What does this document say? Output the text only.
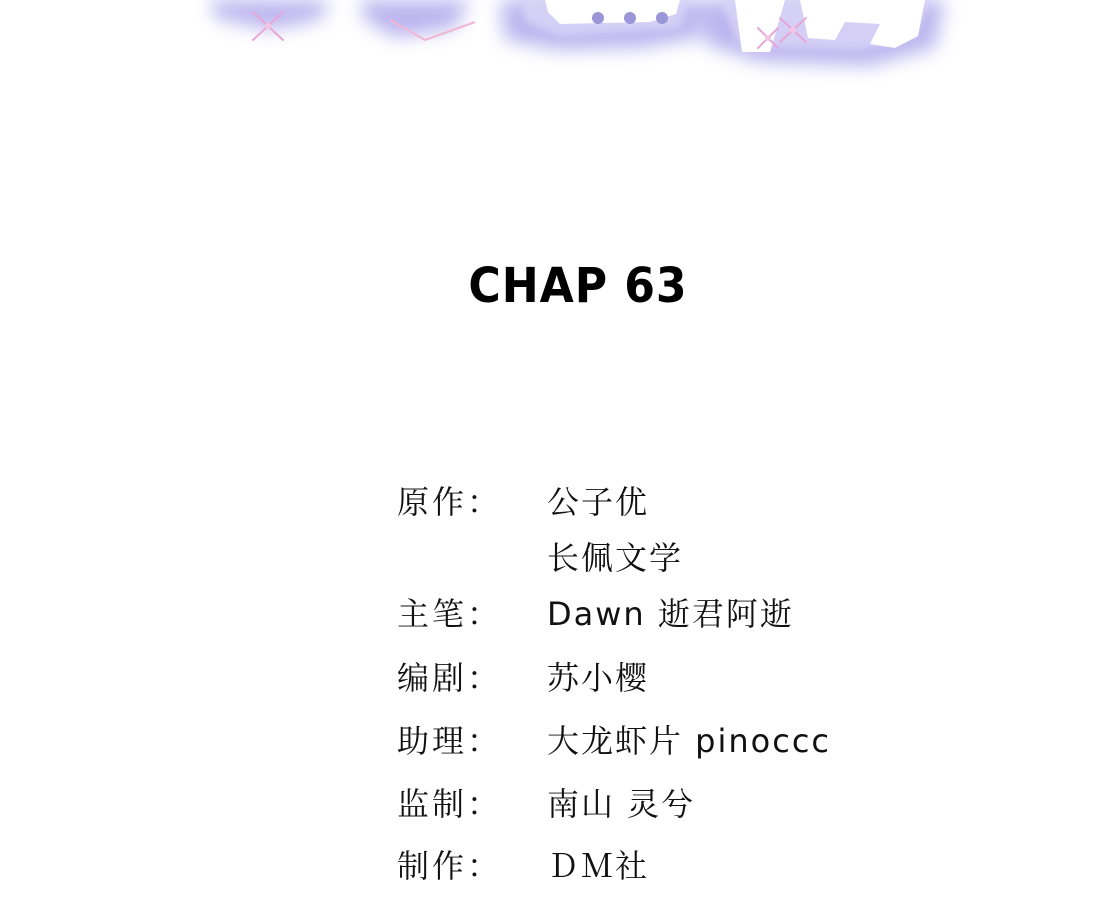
CHAP 63
原作： 公子优
长佩文学
主笔： Dawn 逝君阿逝
编剧： 苏小樱
助理： 大龙虾片 pinoccc
监制： 南山 灵兮
制作： ＤＭ社
